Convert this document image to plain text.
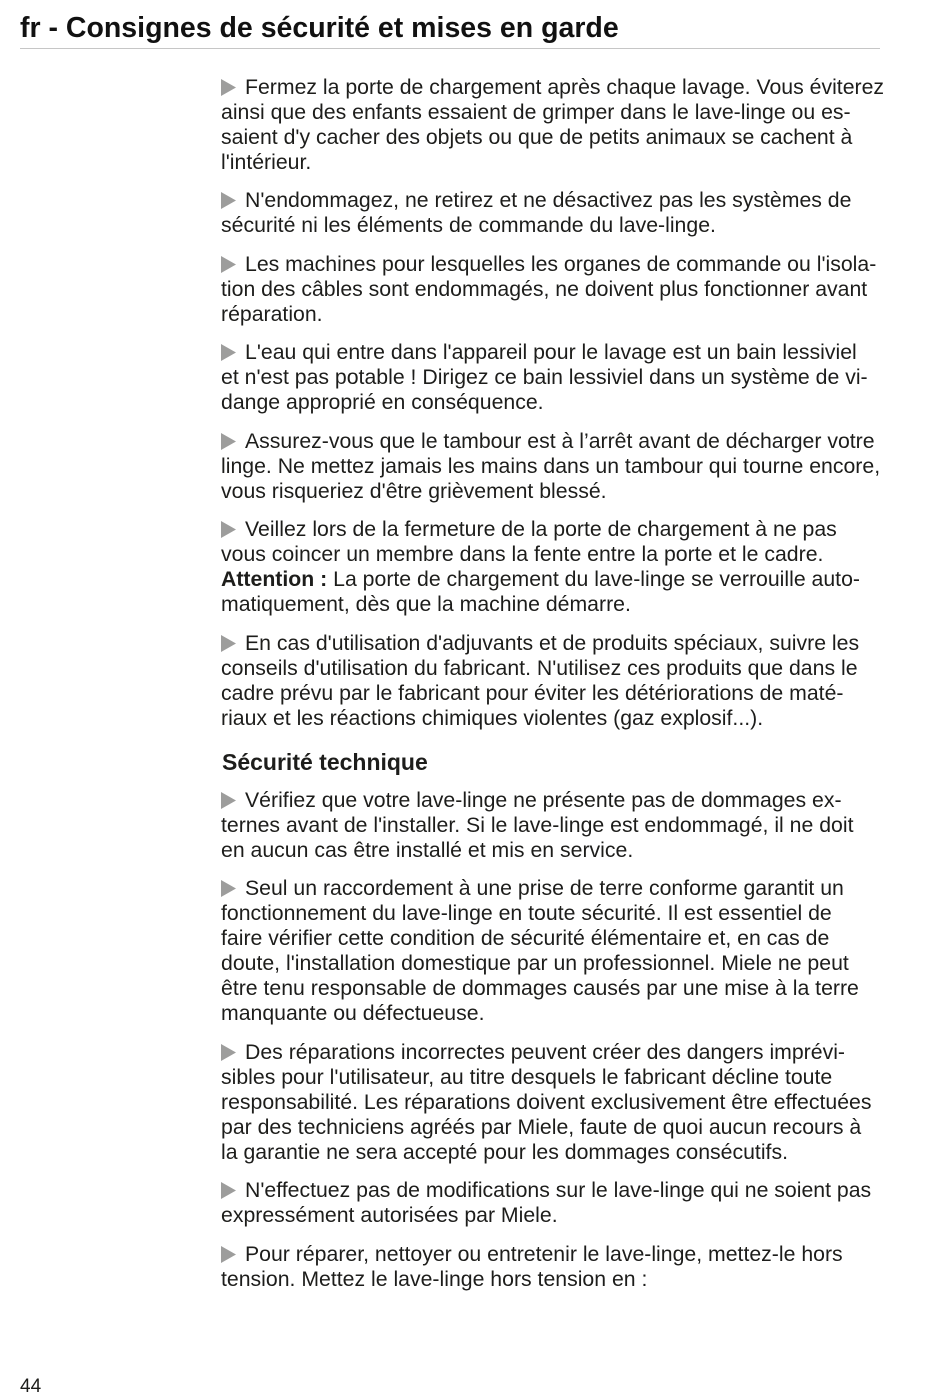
fr - Consignes de sécurité et mises en garde
Fermez la porte de chargement après chaque lavage. Vous éviterez
ainsi que des enfants essaient de grimper dans le lave-linge ou es-
saient d'y cacher des objets ou que de petits animaux se cachent à
l'intérieur.
N'endommagez, ne retirez et ne désactivez pas les systèmes de
sécurité ni les éléments de commande du lave-linge.
Les machines pour lesquelles les organes de commande ou l'isola-
tion des câbles sont endommagés, ne doivent plus fonctionner avant
réparation.
L'eau qui entre dans l'appareil pour le lavage est un bain lessiviel
et n'est pas potable ! Dirigez ce bain lessiviel dans un système de vi-
dange approprié en conséquence.
Assurez-vous que le tambour est à l’arrêt avant de décharger votre
linge. Ne mettez jamais les mains dans un tambour qui tourne encore,
vous risqueriez d'être grièvement blessé.
Veillez lors de la fermeture de la porte de chargement à ne pas
vous coincer un membre dans la fente entre la porte et le cadre.
Attention : La porte de chargement du lave-linge se verrouille auto-
matiquement, dès que la machine démarre.
En cas d'utilisation d'adjuvants et de produits spéciaux, suivre les
conseils d'utilisation du fabricant. N'utilisez ces produits que dans le
cadre prévu par le fabricant pour éviter les détériorations de maté-
riaux et les réactions chimiques violentes (gaz explosif...).
Sécurité technique
Vérifiez que votre lave-linge ne présente pas de dommages ex-
ternes avant de l'installer. Si le lave-linge est endommagé, il ne doit
en aucun cas être installé et mis en service.
Seul un raccordement à une prise de terre conforme garantit un
fonctionnement du lave-linge en toute sécurité. Il est essentiel de
faire vérifier cette condition de sécurité élémentaire et, en cas de
doute, l'installation domestique par un professionnel. Miele ne peut
être tenu responsable de dommages causés par une mise à la terre
manquante ou défectueuse.
Des réparations incorrectes peuvent créer des dangers imprévi-
sibles pour l'utilisateur, au titre desquels le fabricant décline toute
responsabilité. Les réparations doivent exclusivement être effectuées
par des techniciens agréés par Miele, faute de quoi aucun recours à
la garantie ne sera accepté pour les dommages consécutifs.
N'effectuez pas de modifications sur le lave-linge qui ne soient pas
expressément autorisées par Miele.
Pour réparer, nettoyer ou entretenir le lave-linge, mettez-le hors
tension. Mettez le lave-linge hors tension en :
44
